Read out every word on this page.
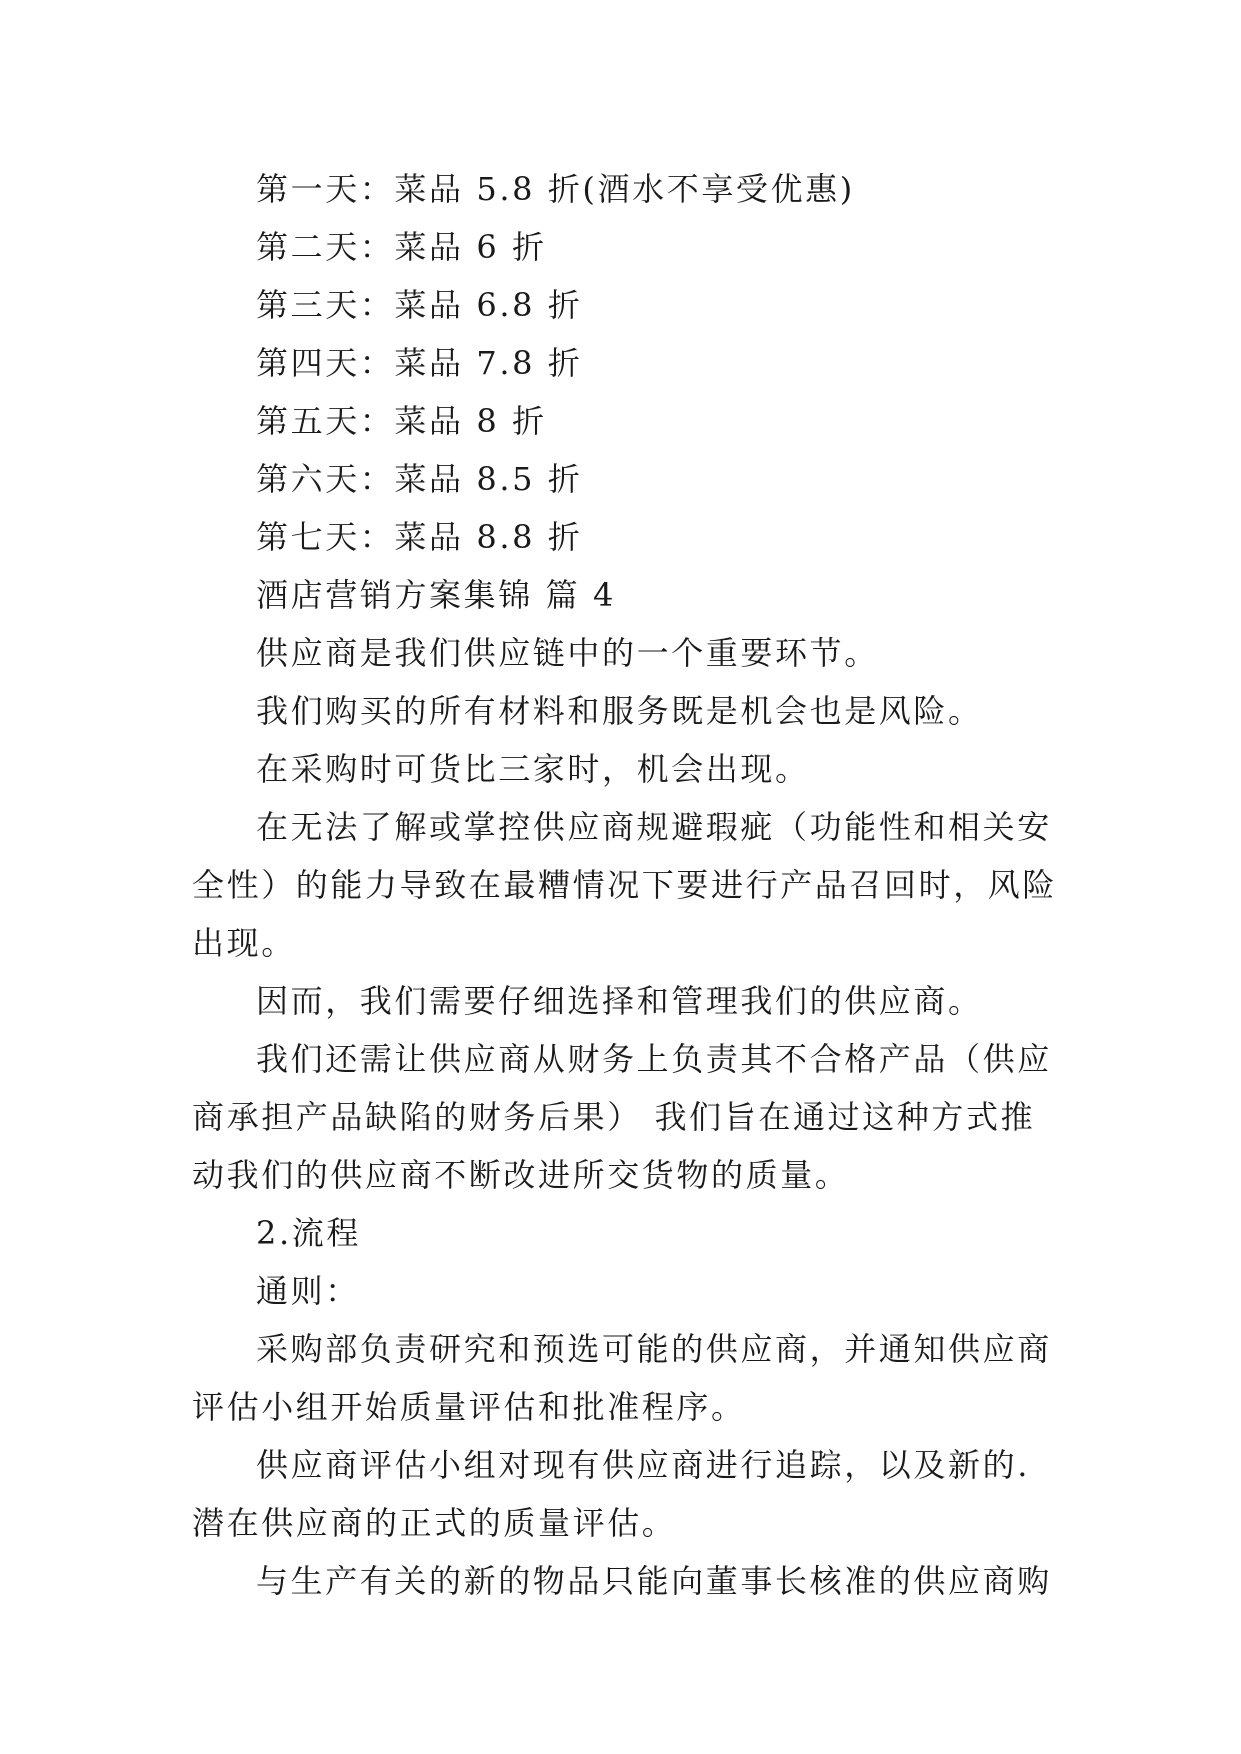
第一天：菜品 5.8 折(酒水不享受优惠)

第二天：菜品 6 折

第三天：菜品 6.8 折

第四天：菜品 7.8 折

第五天：菜品 8 折

第六天：菜品 8.5 折

第七天：菜品 8.8 折

酒店营销方案集锦 篇 4

供应商是我们供应链中的一个重要环节。

我们购买的所有材料和服务既是机会也是风险。

在采购时可货比三家时，机会出现。

在无法了解或掌控供应商规避瑕疵（功能性和相关安全性）的能力导致在最糟情况下要进行产品召回时，风险出现。

因而，我们需要仔细选择和管理我们的供应商。

我们还需让供应商从财务上负责其不合格产品（供应商承担产品缺陷的财务后果） 我们旨在通过这种方式推动我们的供应商不断改进所交货物的质量。

2.流程

通则：

采购部负责研究和预选可能的供应商，并通知供应商评估小组开始质量评估和批准程序。

供应商评估小组对现有供应商进行追踪，以及新的.潜在供应商的正式的质量评估。

与生产有关的新的物品只能向董事长核准的供应商购
